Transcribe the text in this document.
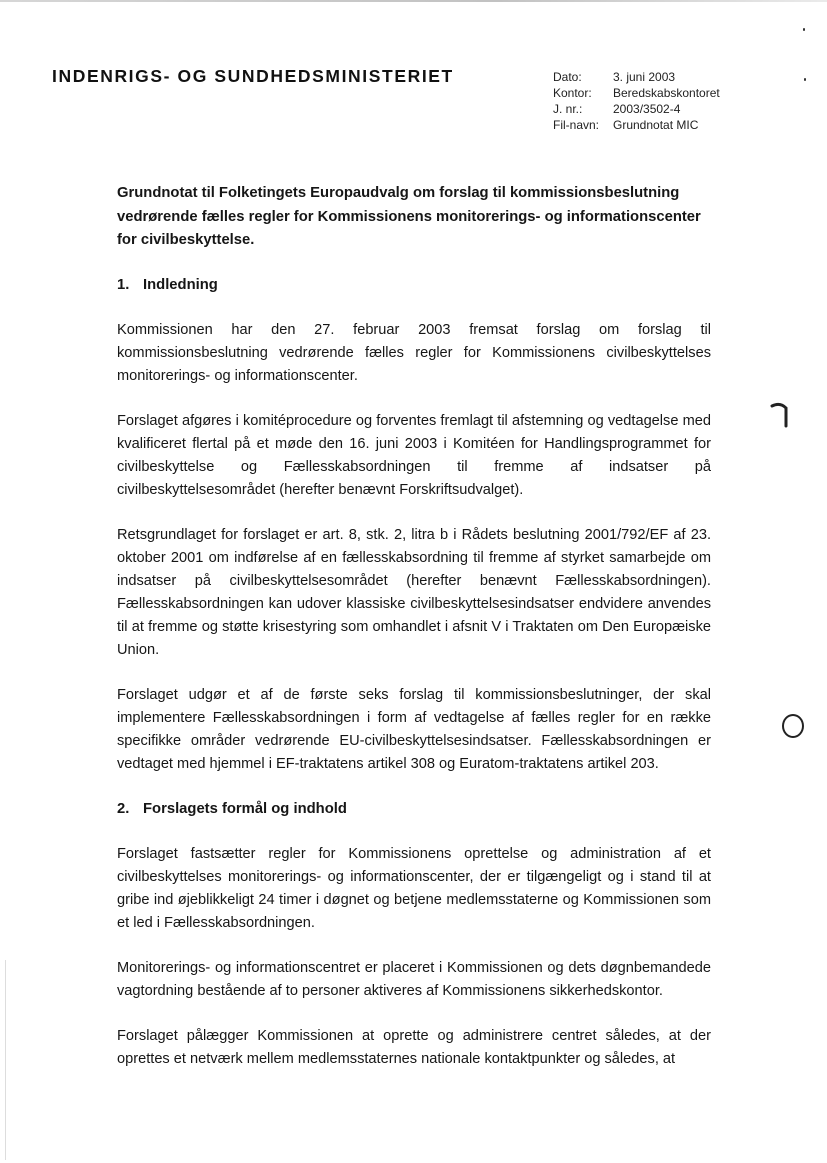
INDENRIGS- OG SUNDHEDSMINISTERIET	Dato:	3. juni 2003
Kontor:	Beredskabskontoret
J. nr.:	2003/3502-4
Fil-navn:	Grundnotat MIC
Grundnotat til Folketingets Europaudvalg om forslag til kommissionsbeslutning vedrørende fælles regler for Kommissionens monitorerings- og informationscenter for civilbeskyttelse.
1. Indledning

Kommissionen har den 27. februar 2003 fremsat forslag om forslag til kommissionsbeslutning vedrørende fælles regler for Kommissionens civilbeskyttelses monitorerings- og informationscenter.

Forslaget afgøres i komitéprocedure og forventes fremlagt til afstemning og vedtagelse med kvalificeret flertal på et møde den 16. juni 2003 i Komitéen for Handlingsprogrammet for civilbeskyttelse og Fællesskabsordningen til fremme af indsatser på civilbeskyttelsesområdet (herefter benævnt Forskriftsudvalget).

Retsgrundlaget for forslaget er art. 8, stk. 2, litra b i Rådets beslutning 2001/792/EF af 23. oktober 2001 om indførelse af en fællesskabsordning til fremme af styrket samarbejde om indsatser på civilbeskyttelsesområdet (herefter benævnt Fællesskabsordningen). Fællesskabsordningen kan udover klassiske civilbeskyttelsesindsatser endvidere anvendes til at fremme og støtte krisestyring som omhandlet i afsnit V i Traktaten om Den Europæiske Union.

Forslaget udgør et af de første seks forslag til kommissionsbeslutninger, der skal implementere Fællesskabsordningen i form af vedtagelse af fælles regler for en række specifikke områder vedrørende EU-civilbeskyttelsesindsatser. Fællesskabsordningen er vedtaget med hjemmel i EF-traktatens artikel 308 og Euratom-traktatens artikel 203.

2. Forslagets formål og indhold

Forslaget fastsætter regler for Kommissionens oprettelse og administration af et civilbeskyttelses monitorerings- og informationscenter, der er tilgængeligt og i stand til at gribe ind øjeblikkeligt 24 timer i døgnet og betjene medlemsstaterne og Kommissionen som et led i Fællesskabsordningen.

Monitorerings- og informationscentret er placeret i Kommissionen og dets døgnbemandede vagtordning bestående af to personer aktiveres af Kommissionens sikkerhedskontor.

Forslaget pålægger Kommissionen at oprette og administrere centret således, at der oprettes et netværk mellem medlemsstaternes nationale kontaktpunkter og således, at
